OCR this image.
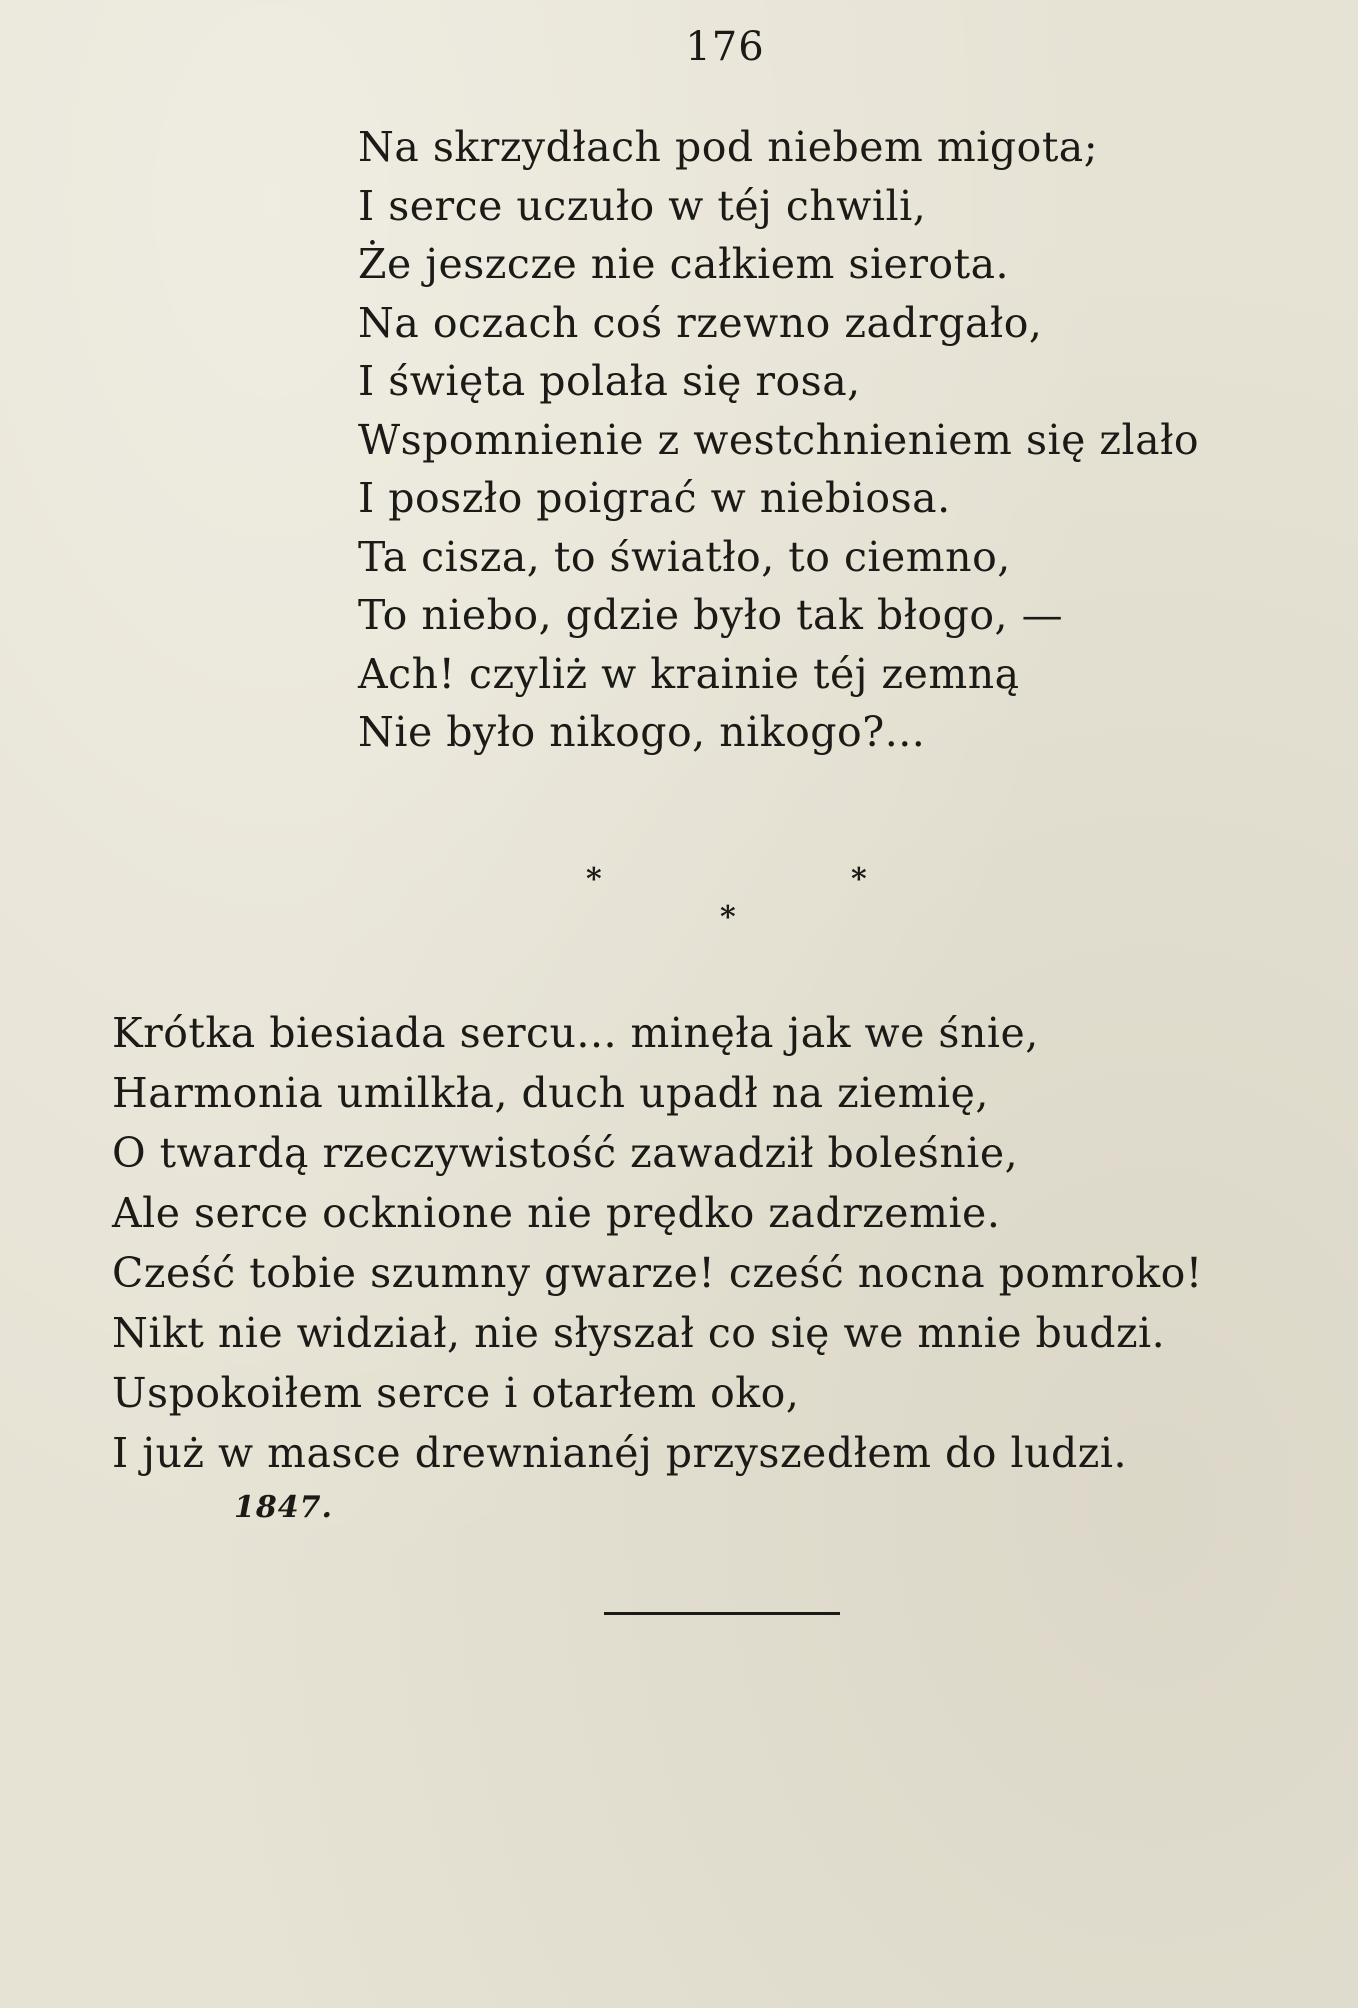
176
Na skrzydłach pod niebem migota;
I serce uczuło w téj chwili,
Że jeszcze nie całkiem sierota.
Na oczach coś rzewno zadrgało,
I święta polała się rosa,
Wspomnienie z westchnieniem się zlało
I poszło poigrać w niebiosa.
Ta cisza, to światło, to ciemno,
To niebo, gdzie było tak błogo, —
Ach! czyliż w krainie téj zemną
Nie było nikogo, nikogo?...
*	*
*
Krótka biesiada sercu... minęła jak we śnie,
Harmonia umilkła, duch upadł na ziemię,
O twardą rzeczywistość zawadził boleśnie,
Ale serce ocknione nie prędko zadrzemie.
Cześć tobie szumny gwarze! cześć nocna pomroko!
Nikt nie widział, nie słyszał co się we mnie budzi.
Uspokoiłem serce i otarłem oko,
I już w masce drewnianéj przyszedłem do ludzi.
1847.
